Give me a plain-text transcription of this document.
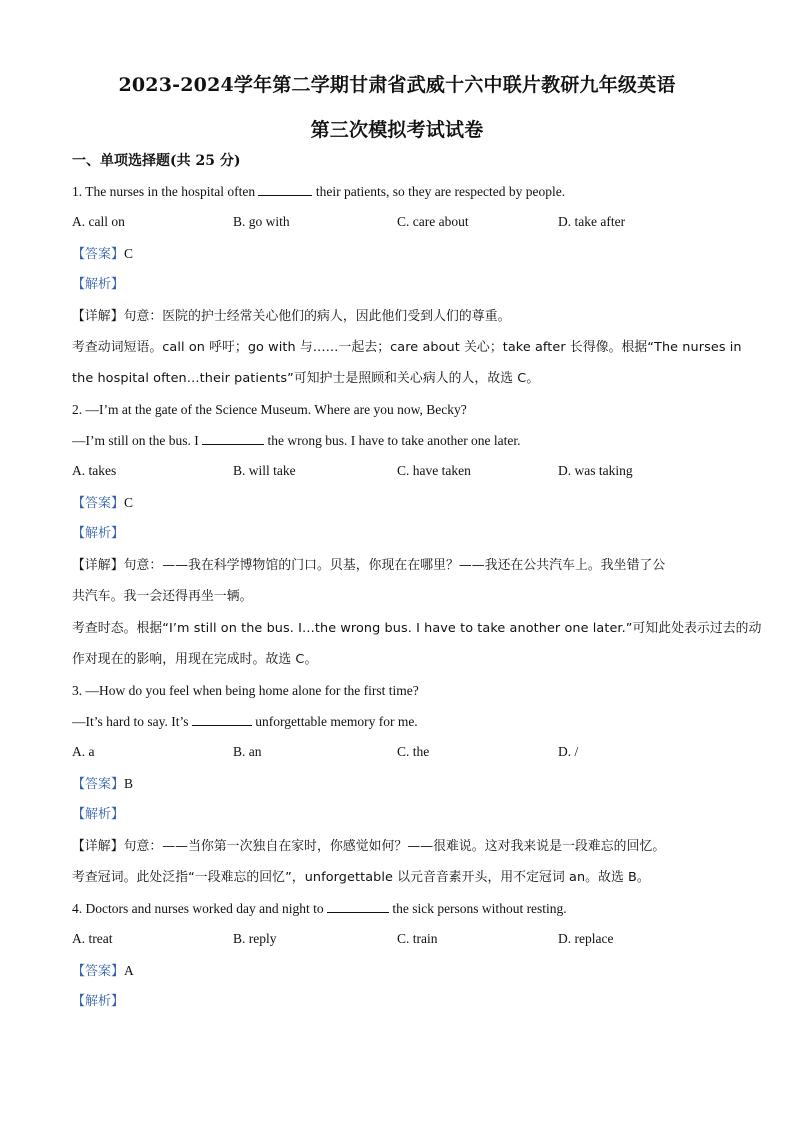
2023-2024学年第二学期甘肃省武威十六中联片教研九年级英语
第三次模拟考试试卷
一、单项选择题(共 25 分)
1. The nurses in the hospital often	their patients, so they are respected by people.
A. call on	B. go with	C. care about	D. take after
【答案】C
【解析】
【详解】句意：医院的护士经常关心他们的病人，因此他们受到人们的尊重。
考查动词短语。call on 呼吁；go with 与……一起去；care about 关心；take after 长得像。根据“The nurses in
the hospital often…their patients”可知护士是照顾和关心病人的人，故选 C。
2. —I’m at the gate of the Science Museum. Where are you now, Becky?
—I’m still on the bus. I	the wrong bus. I have to take another one later.
A. takes	B. will take	C. have taken	D. was taking
【答案】C
【解析】
【详解】句意：——我在科学博物馆的门口。贝基，你现在在哪里？——我还在公共汽车上。我坐错了公
共汽车。我一会还得再坐一辆。
考查时态。根据“I’m still on the bus. I…the wrong bus. I have to take another one later.”可知此处表示过去的动
作对现在的影响，用现在完成时。故选 C。
3. —How do you feel when being home alone for the first time?
—It’s hard to say. It’s	unforgettable memory for me.
A. a	B. an	C. the	D. /
【答案】B
【解析】
【详解】句意：——当你第一次独自在家时，你感觉如何？——很难说。这对我来说是一段难忘的回忆。
考查冠词。此处泛指“一段难忘的回忆”，unforgettable 以元音音素开头，用不定冠词 an。故选 B。
4. Doctors and nurses worked day and night to	the sick persons without resting.
A. treat	B. reply	C. train	D. replace
【答案】A
【解析】
